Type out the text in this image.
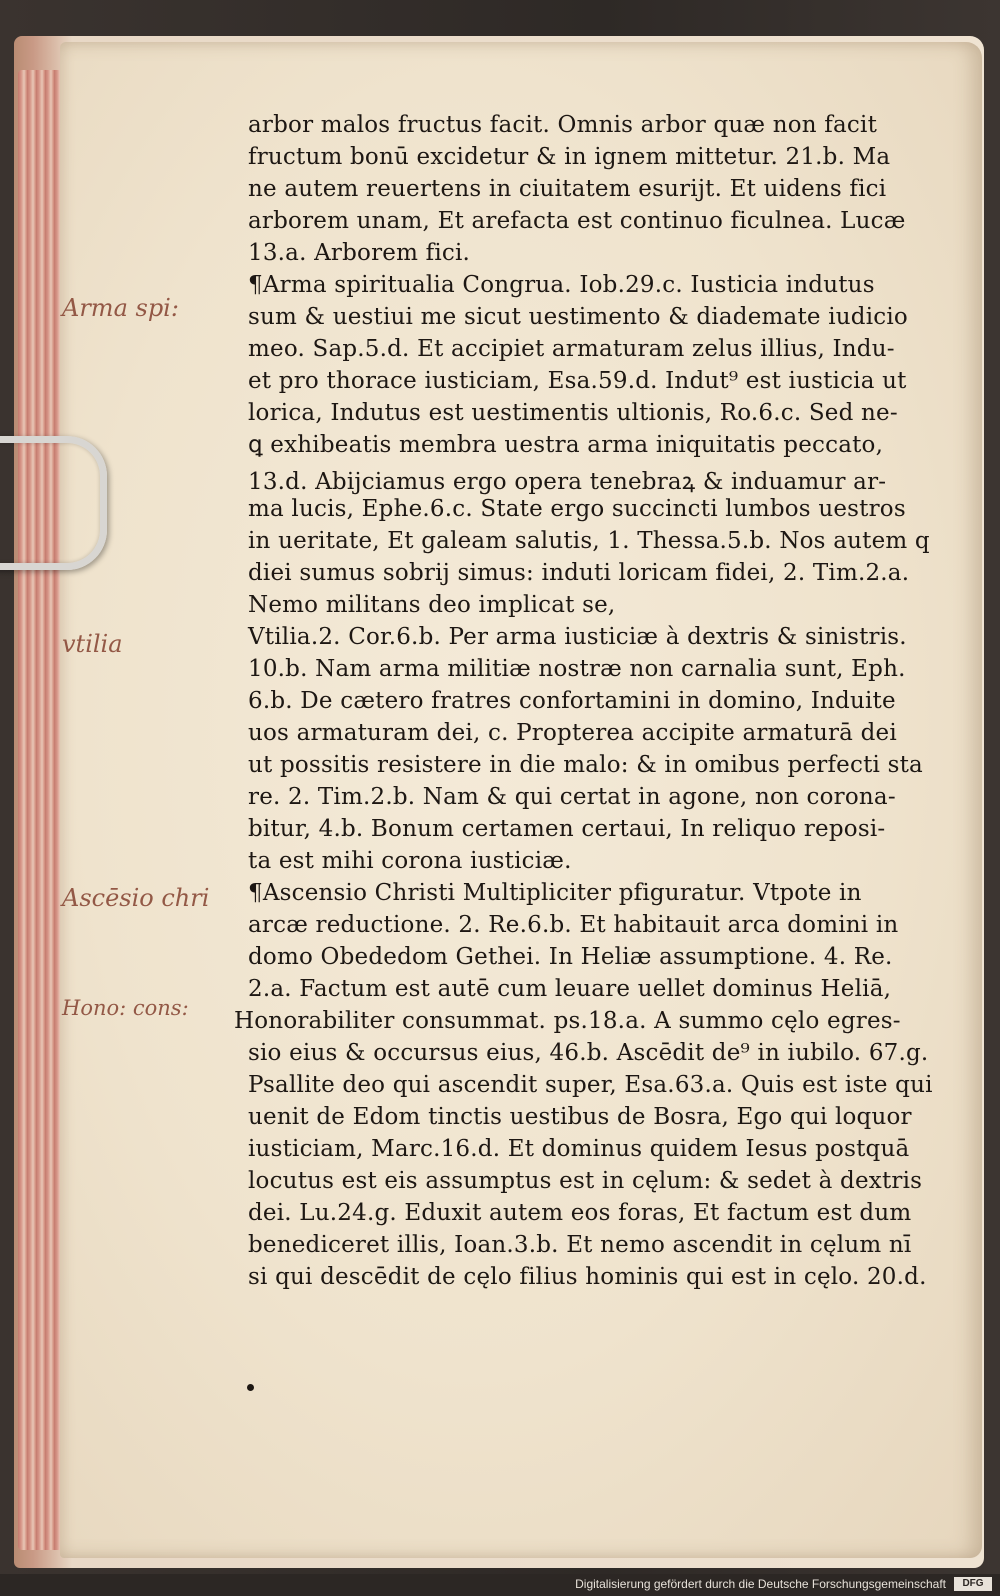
arbor malos fructus facit. Omnis arbor quæ non facit
fructum bonū excidetur & in ignem mittetur. 21.b. Ma
ne autem reuertens in ciuitatem esurijt. Et uidens fici
arborem unam, Et arefacta est continuo ficulnea. Lucæ
13.a. Arborem fici.
¶Arma spiritualia Congrua. Iob.29.c. Iusticia indutus
sum & uestiui me sicut uestimento & diademate iudicio
meo. Sap.5.d. Et accipiet armaturam zelus illius, Indu-
et pro thorace iusticiam, Esa.59.d. Indut⁹ est iusticia ut
lorica, Indutus est uestimentis ultionis, Ro.6.c. Sed ne-
ꝗ exhibeatis membra uestra arma iniquitatis peccato,
13.d. Abijciamus ergo opera tenebraꝝ & induamur ar-
ma lucis, Ephe.6.c. State ergo succincti lumbos uestros
in ueritate, Et galeam salutis, 1. Thessa.5.b. Nos autem q
diei sumus sobrij simus: induti loricam fidei, 2. Tim.2.a.
Nemo militans deo implicat se,
Vtilia.2. Cor.6.b. Per arma iusticiæ à dextris & sinistris.
10.b. Nam arma militiæ nostræ non carnalia sunt, Eph.
6.b. De cætero fratres confortamini in domino, Induite
uos armaturam dei, c. Propterea accipite armaturā dei
ut possitis resistere in die malo: & in omibus perfecti sta
re. 2. Tim.2.b. Nam & qui certat in agone, non corona-
bitur, 4.b. Bonum certamen certaui, In reliquo reposi-
ta est mihi corona iusticiæ.
¶Ascensio Christi Multipliciter pfiguratur. Vtpote in
arcæ reductione. 2. Re.6.b. Et habitauit arca domini in
domo Obededom Gethei. In Heliæ assumptione. 4. Re.
2.a. Factum est autē cum leuare uellet dominus Heliā,
Honorabiliter consummat. ps.18.a. A summo cęlo egres-
sio eius & occursus eius, 46.b. Ascēdit de⁹ in iubilo. 67.g.
Psallite deo qui ascendit super, Esa.63.a. Quis est iste qui
uenit de Edom tinctis uestibus de Bosra, Ego qui loquor
iusticiam, Marc.16.d. Et dominus quidem Iesus postquā
locutus est eis assumptus est in cęlum: & sedet à dextris
dei. Lu.24.g. Eduxit autem eos foras, Et factum est dum
benediceret illis, Ioan.3.b. Et nemo ascendit in cęlum nī
si qui descēdit de cęlo filius hominis qui est in cęlo. 20.d.
Arma spi:
vtilia
Ascēsio chri
Hono: cons:
Digitalisierung gefördert durch die Deutsche Forschungsgemeinschaft	DFG
